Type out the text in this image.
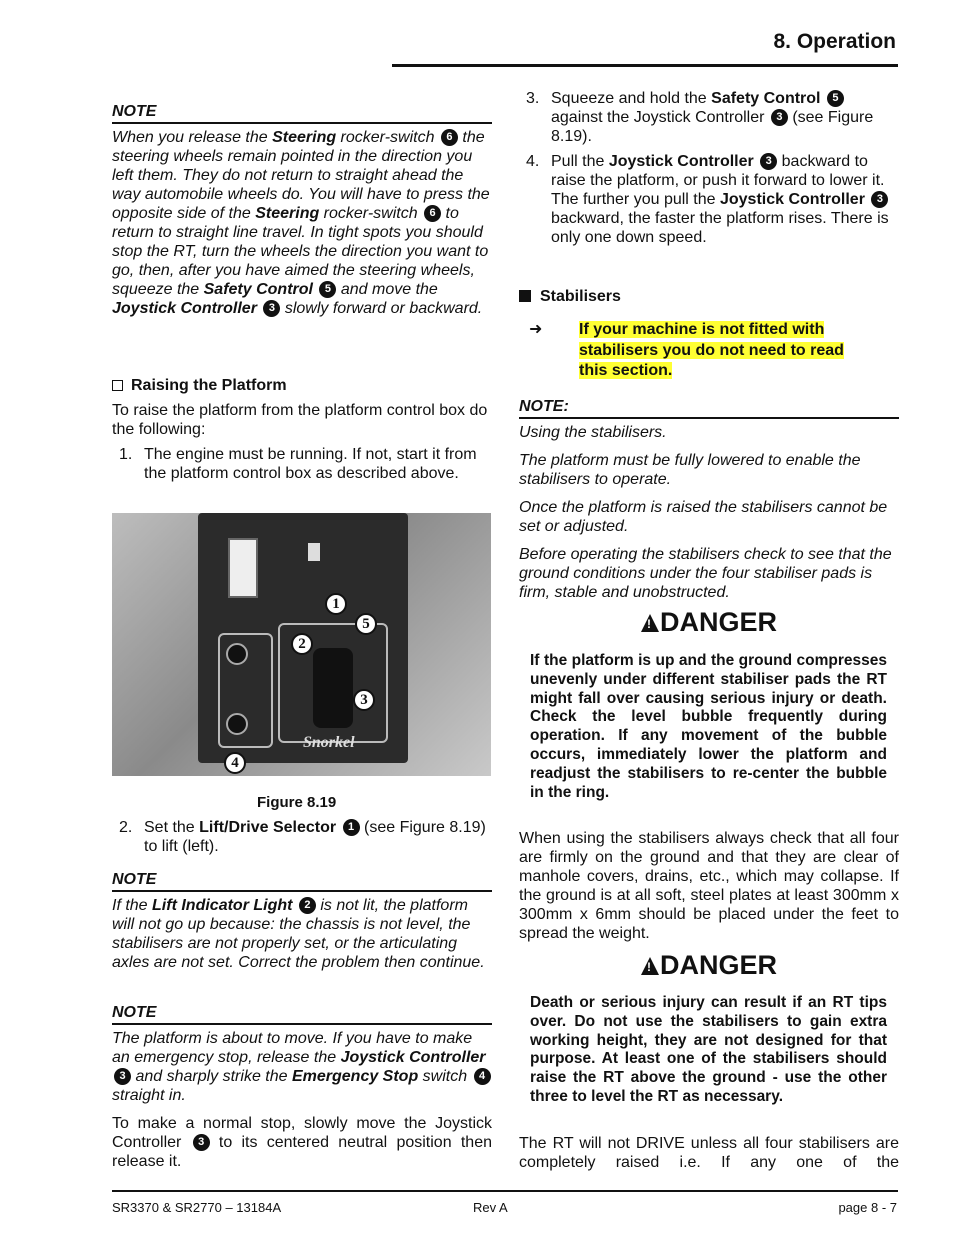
8. Operation
NOTE
When you release the Steering rocker-switch 6 the steering wheels remain pointed in the direction you left them. They do not return to straight ahead the way automobile wheels do. You will have to press the opposite side of the Steering rocker-switch 6 to return to straight line travel. In tight spots you should stop the RT, turn the wheels the direction you want to go, then, after you have aimed the steering wheels, squeeze the Safety Control 5 and move the Joystick Controller 3 slowly forward or backward.
Raising the Platform
To raise the platform from the platform control box do the following:
1. The engine must be running. If not, start it from the platform control box as described above.
Snorkel
1
2
3
4
5
Figure 8.19
2. Set the Lift/Drive Selector 1 (see Figure 8.19) to lift (left).
NOTE
If the Lift Indicator Light 2 is not lit, the platform will not go up because: the chassis is not level, the stabilisers are not properly set, or the articulating axles are not set. Correct the problem then continue.
NOTE
The platform is about to move. If you have to make an emergency stop, release the Joystick Controller 3 and sharply strike the Emergency Stop switch 4 straight in.
To make a normal stop, slowly move the Joystick Controller 3 to its centered neutral position then release it.
3. Squeeze and hold the Safety Control 5 against the Joystick Controller 3 (see Figure 8.19).
4. Pull the Joystick Controller 3 backward to raise the platform, or push it forward to lower it. The further you pull the Joystick Controller 3 backward, the faster the platform rises. There is only one down speed.
Stabilisers
➜ If your machine is not fitted with
stabilisers you do not need to read
this section.
NOTE:
Using the stabilisers.
The platform must be fully lowered to enable the stabilisers to operate.
Once the platform is raised the stabilisers cannot be set or adjusted.
Before operating the stabilisers check to see that the ground conditions under the four stabiliser pads is firm, stable and unobstructed.
!DANGER
If the platform is up and the ground compresses unevenly under different stabiliser pads the RT might fall over causing serious injury or death. Check the level bubble frequently during operation. If any movement of the bubble occurs, immediately lower the platform and readjust the stabilisers to re-center the bubble in the ring.
When using the stabilisers always check that all four are firmly on the ground and that they are clear of manhole covers, drains, etc., which may collapse. If the ground is at all soft, steel plates at least 300mm x 300mm x 6mm should be placed under the feet to spread the weight.
!DANGER
Death or serious injury can result if an RT tips over. Do not use the stabilisers to gain extra working height, they are not designed for that purpose. At least one of the stabilisers should raise the RT above the ground - use the other three to level the RT as necessary.
The RT will not DRIVE unless all four stabilisers are completely raised i.e. If any one of the
SR3370 & SR2770 – 13184A	Rev A	page 8 - 7
